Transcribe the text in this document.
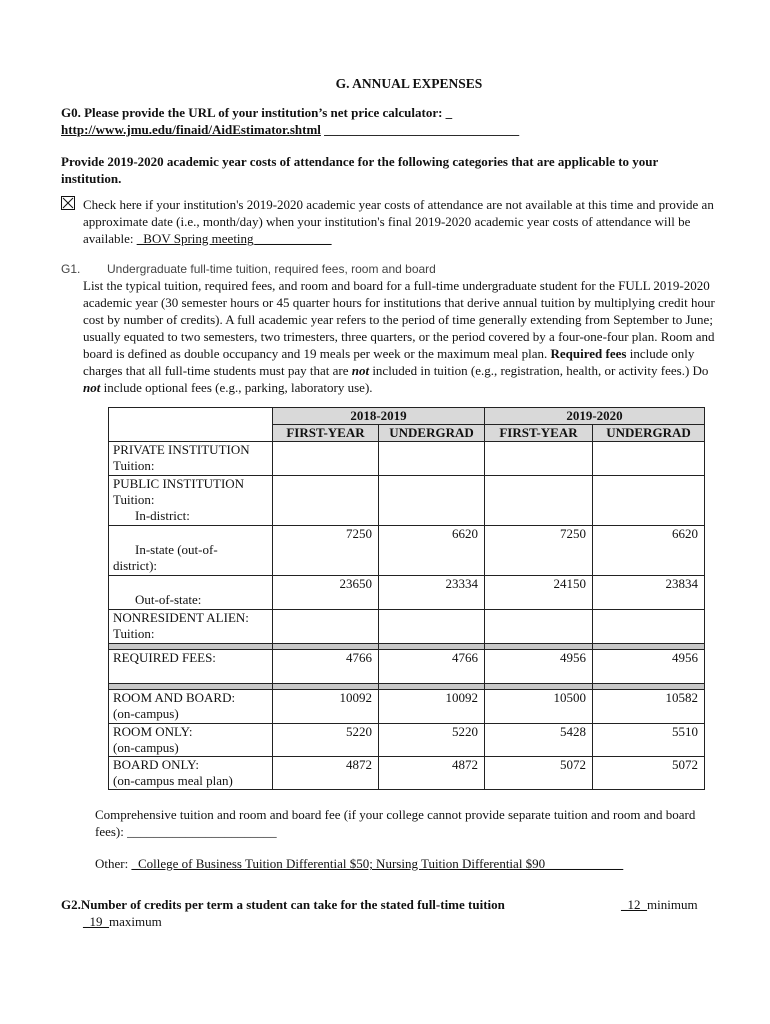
G. ANNUAL EXPENSES
G0. Please provide the URL of your institution’s net price calculator: _
http://www.jmu.edu/finaid/AidEstimator.shtml ______________________________
Provide 2019-2020 academic year costs of attendance for the following categories that are applicable to your
institution.
Check here if your institution's 2019-2020 academic year costs of attendance are not available at this time and provide an
approximate date (i.e., month/day) when your institution's final 2019-2020 academic year costs of attendance will be
available: _BOV Spring meeting____________
G1. Undergraduate full-time tuition, required fees, room and board
List the typical tuition, required fees, and room and board for a full-time undergraduate student for the FULL 2019-2020
academic year (30 semester hours or 45 quarter hours for institutions that derive annual tuition by multiplying credit hour
cost by number of credits). A full academic year refers to the period of time generally extending from September to June;
usually equated to two semesters, two trimesters, three quarters, or the period covered by a four-one-four plan. Room and
board is defined as double occupancy and 19 meals per week or the maximum meal plan. Required fees include only
charges that all full-time students must pay that are not included in tuition (e.g., registration, health, or activity fees.) Do
not include optional fees (e.g., parking, laboratory use).
	2018-2019		2019-2020	
	FIRST-YEAR	UNDERGRAD	FIRST-YEAR	UNDERGRAD
PRIVATE INSTITUTION
Tuition:				
PUBLIC INSTITUTION
Tuition:
In-district:				

In-state (out-of-
district):	7250	6620	7250	6620

Out-of-state:	23650	23334	24150	23834
NONRESIDENT ALIEN:
Tuition:				

REQUIRED FEES:	4766	4766	4956	4956

ROOM AND BOARD:
(on-campus)	10092	10092	10500	10582
ROOM ONLY:
(on-campus)	5220	5220	5428	5510
BOARD ONLY:
(on-campus meal plan)	4872	4872	5072	5072
Comprehensive tuition and room and board fee (if your college cannot provide separate tuition and room and board
fees): _______________________
Other: _College of Business Tuition Differential $50; Nursing Tuition Differential $90____________
G2.Number of credits per term a student can take for the stated full-time tuition	_12_minimum
_19_maximum
